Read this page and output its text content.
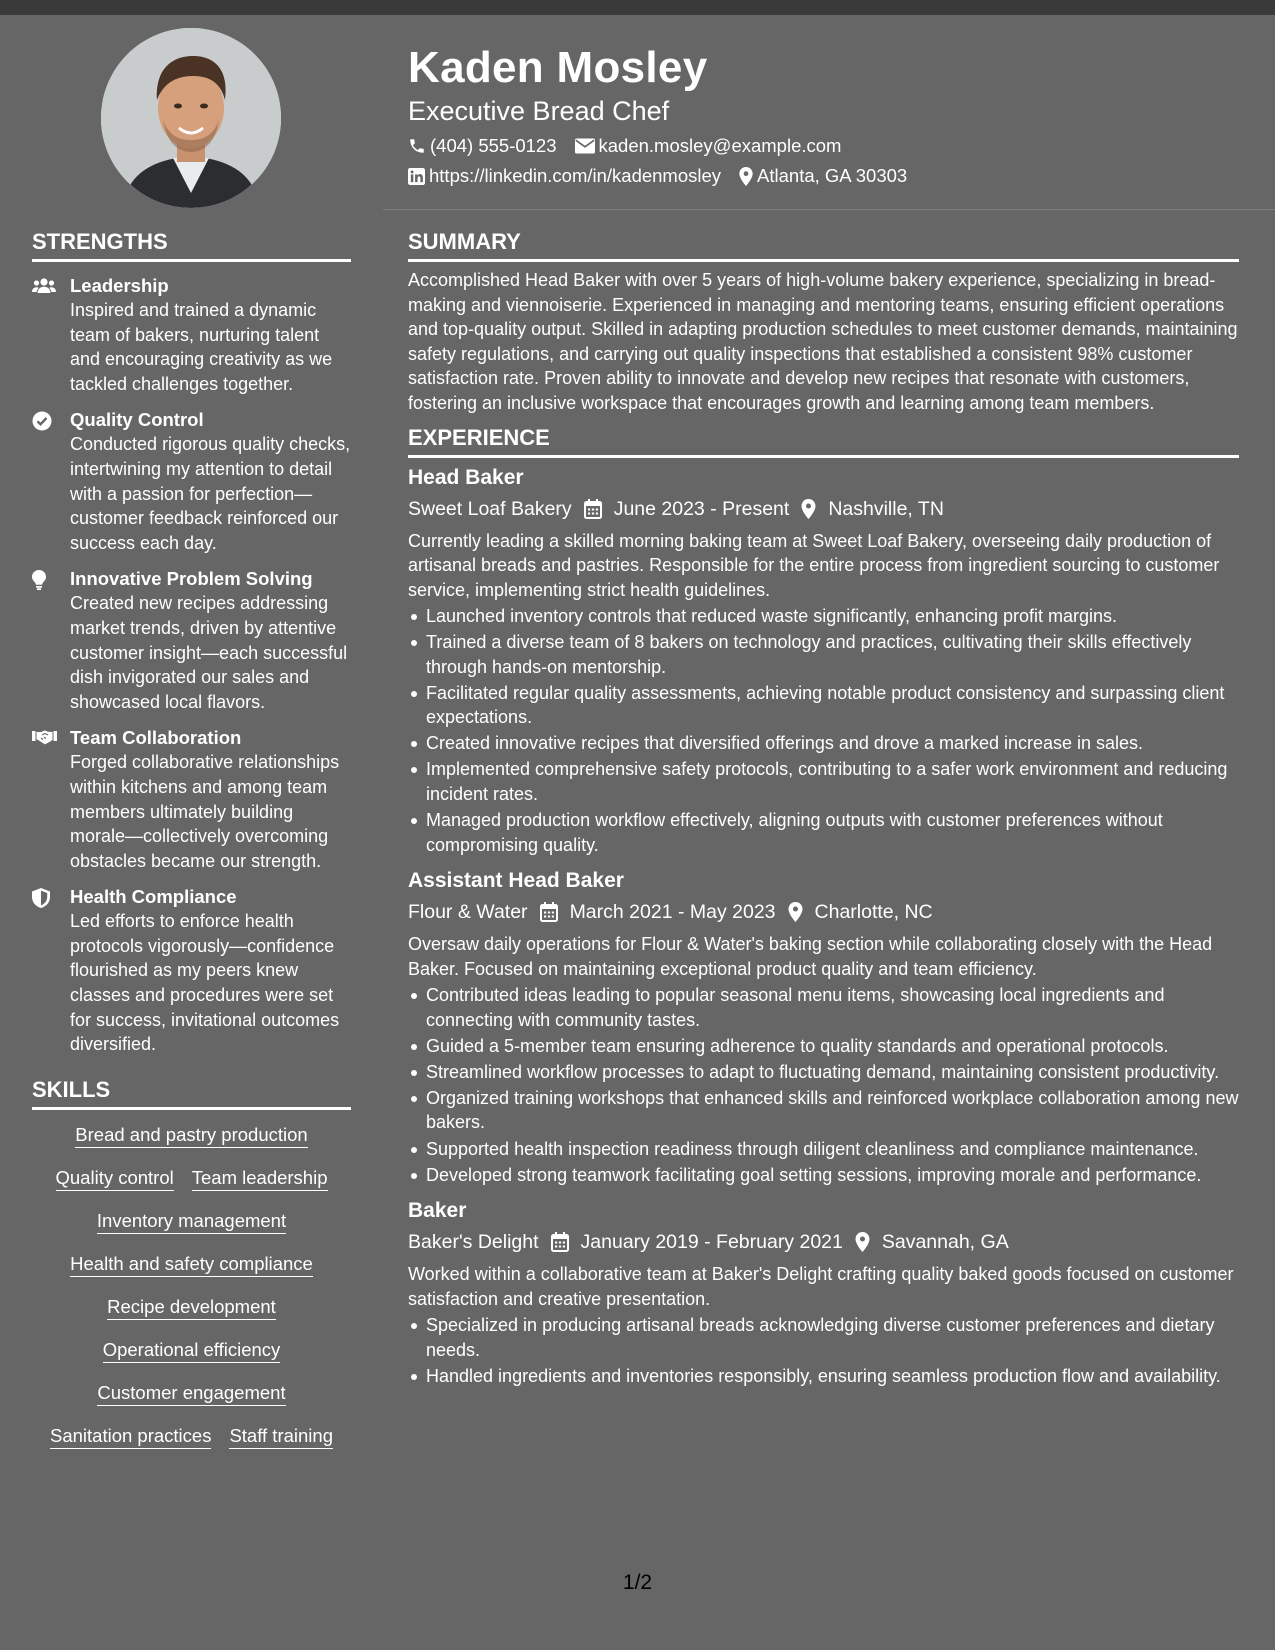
Kaden Mosley
Executive Bread Chef
(404) 555-0123 kaden.mosley@example.com
https://linkedin.com/in/kadenmosley Atlanta, GA 30303
STRENGTHS
Leadership
Inspired and trained a dynamic team of bakers, nurturing talent and encouraging creativity as we tackled challenges together.
Quality Control
Conducted rigorous quality checks, intertwining my attention to detail with a passion for perfection—customer feedback reinforced our success each day.
Innovative Problem Solving
Created new recipes addressing market trends, driven by attentive customer insight—each successful dish invigorated our sales and showcased local flavors.
Team Collaboration
Forged collaborative relationships within kitchens and among team members ultimately building morale—collectively overcoming obstacles became our strength.
Health Compliance
Led efforts to enforce health protocols vigorously—confidence flourished as my peers knew classes and procedures were set for success, invitational outcomes diversified.
SKILLS
Bread and pastry production
Quality control Team leadership
Inventory management
Health and safety compliance
Recipe development
Operational efficiency
Customer engagement
Sanitation practices Staff training
SUMMARY
Accomplished Head Baker with over 5 years of high-volume bakery experience, specializing in bread-making and viennoiserie. Experienced in managing and mentoring teams, ensuring efficient operations and top-quality output. Skilled in adapting production schedules to meet customer demands, maintaining safety regulations, and carrying out quality inspections that established a consistent 98% customer satisfaction rate. Proven ability to innovate and develop new recipes that resonate with customers, fostering an inclusive workspace that encourages growth and learning among team members.
EXPERIENCE
Head Baker
Sweet Loaf Bakery June 2023 - Present Nashville, TN
Currently leading a skilled morning baking team at Sweet Loaf Bakery, overseeing daily production of artisanal breads and pastries. Responsible for the entire process from ingredient sourcing to customer service, implementing strict health guidelines.
Launched inventory controls that reduced waste significantly, enhancing profit margins.
Trained a diverse team of 8 bakers on technology and practices, cultivating their skills effectively through hands-on mentorship.
Facilitated regular quality assessments, achieving notable product consistency and surpassing client expectations.
Created innovative recipes that diversified offerings and drove a marked increase in sales.
Implemented comprehensive safety protocols, contributing to a safer work environment and reducing incident rates.
Managed production workflow effectively, aligning outputs with customer preferences without compromising quality.
Assistant Head Baker
Flour & Water March 2021 - May 2023 Charlotte, NC
Oversaw daily operations for Flour & Water's baking section while collaborating closely with the Head Baker. Focused on maintaining exceptional product quality and team efficiency.
Contributed ideas leading to popular seasonal menu items, showcasing local ingredients and connecting with community tastes.
Guided a 5-member team ensuring adherence to quality standards and operational protocols.
Streamlined workflow processes to adapt to fluctuating demand, maintaining consistent productivity.
Organized training workshops that enhanced skills and reinforced workplace collaboration among new bakers.
Supported health inspection readiness through diligent cleanliness and compliance maintenance.
Developed strong teamwork facilitating goal setting sessions, improving morale and performance.
Baker
Baker's Delight January 2019 - February 2021 Savannah, GA
Worked within a collaborative team at Baker's Delight crafting quality baked goods focused on customer satisfaction and creative presentation.
Specialized in producing artisanal breads acknowledging diverse customer preferences and dietary needs.
Handled ingredients and inventories responsibly, ensuring seamless production flow and availability.
1/2
